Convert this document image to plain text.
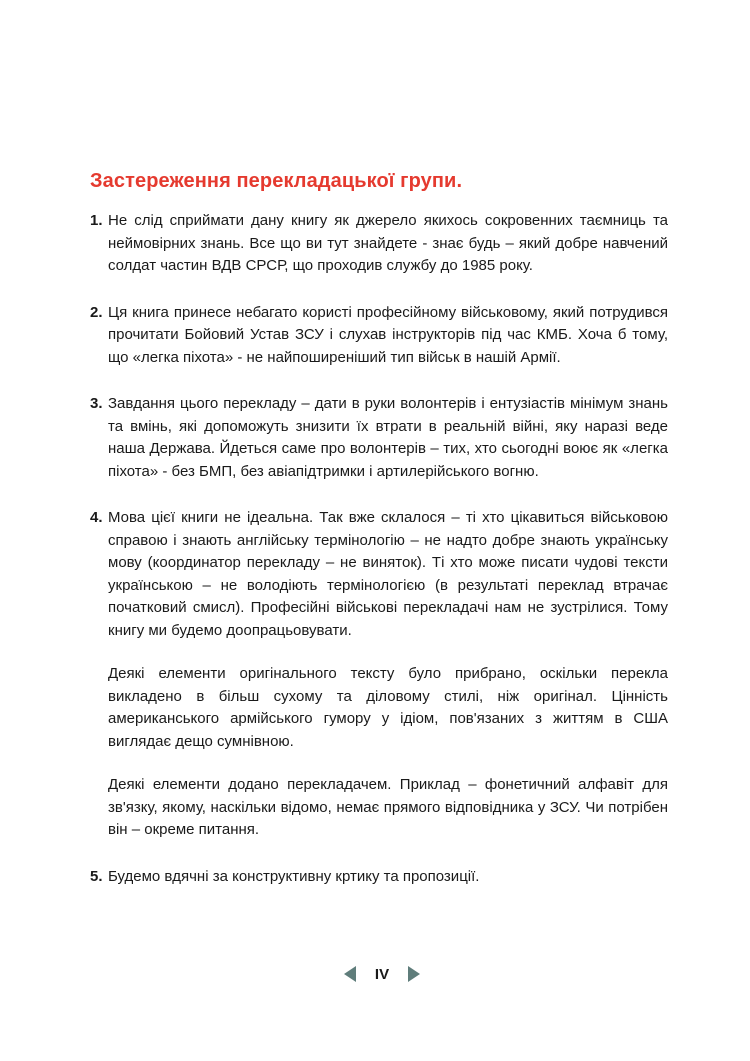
Застереження перекладацької групи.
1. Не слід сприймати дану книгу як джерело якихось сокровенних таємниць та неймовірних знань. Все що ви тут знайдете - знає будь – який добре навчений солдат частин ВДВ СРСР, що проходив службу до 1985 року.

2. Ця книга принесе небагато користі професійному військовому, який потрудився прочитати Бойовий Устав ЗСУ і слухав інструкторів під час КМБ. Хоча б тому, що «легка піхота» - не найпоширеніший тип військ в нашій Армії.

3. Завдання цього перекладу – дати в руки волонтерів і ентузіастів мінімум знань та вмінь, які допоможуть знизити їх втрати в реальній війні, яку наразі веде наша Держава. Йдеться саме про волонтерів – тих, хто сьогодні воює як «легка піхота» - без БМП, без авіапідтримки і артилерійського вогню.

4. Мова цієї книги не ідеальна. Так вже склалося – ті хто цікавиться військовою справою і знають англійську термінологію – не надто добре знають українську мову (координатор перекладу – не виняток). Ті хто може писати чудові тексти українською – не володіють термінологією (в результаті переклад втрачає початковий смисл). Професійні військові перекладачі нам не зустрілися. Тому книгу ми будемо доопрацьовувати.

Деякі елементи оригінального тексту було прибрано, оскільки перекла викладено в більш сухому та діловому стилі, ніж оригінал. Цінність американського армійського гумору у ідіом, пов'язаних з життям в США виглядає дещо сумнівною.

Деякі елементи додано перекладачем. Приклад – фонетичний алфавіт для зв'язку, якому, наскільки відомо, немає прямого відповідника у ЗСУ. Чи потрібен він – окреме питання.

5. Будемо вдячні за конструктивну кртику та пропозиції.

IV
